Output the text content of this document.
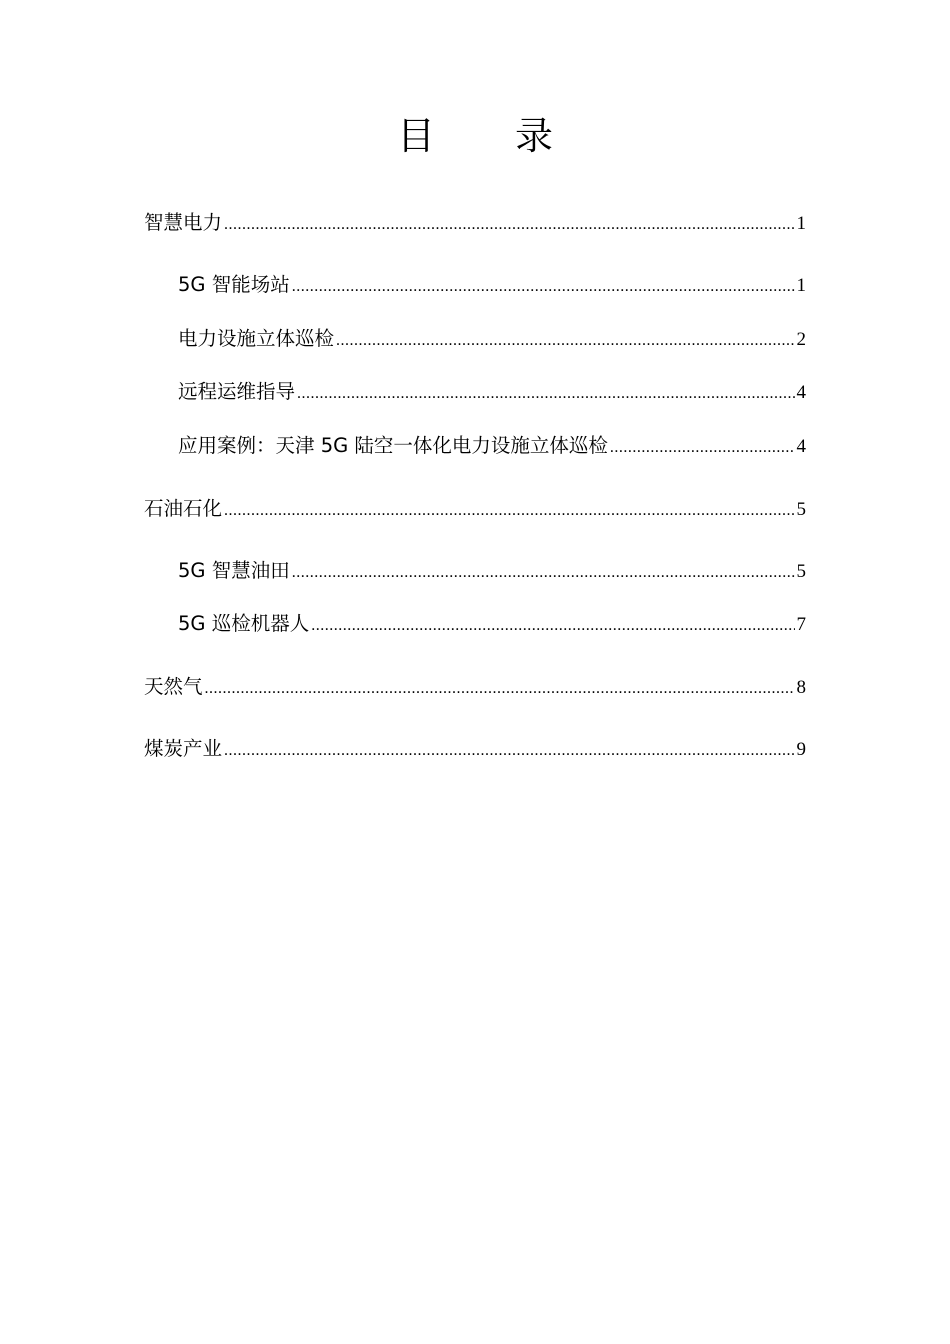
目 录
智慧电力 .....	1
5G 智能场站 .....	1
电力设施立体巡检 .....	2
远程运维指导 .....	4
应用案例：天津 5G 陆空一体化电力设施立体巡检 .....	4
石油石化 .....	5
5G 智慧油田 .....	5
5G 巡检机器人 .....	7
天然气 .....	8
煤炭产业 .....	9
